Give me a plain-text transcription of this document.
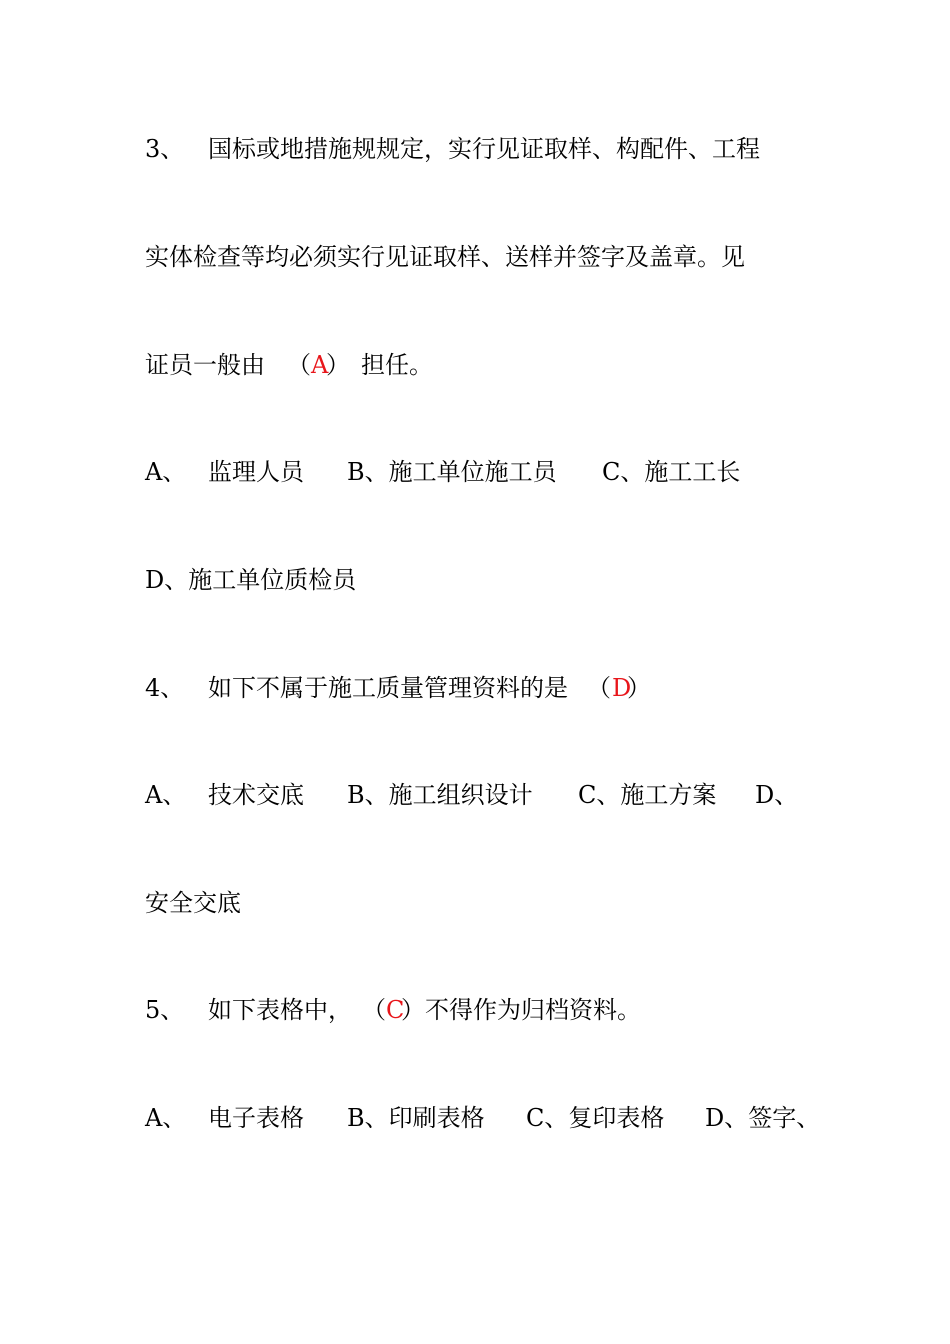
3、 国标或地措施规规定，实行见证取样、构配件、工程
实体检查等均必须实行见证取样、送样并签字及盖章。见
证员一般由 （ A
） 担任。
A、 监理人员 B、施工单位施工员 C、施工工长
D、施工单位质检员
4、 如下不属于施工质量管理资料的是 （ D
）
A、 技术交底 B、施工组织设计 C、施工方案 D、
安全交底
5、 如下表格中， （ C
） 不得作为归档资料。
A、 电子表格 B、印刷表格 C、复印表格 D、签字、
